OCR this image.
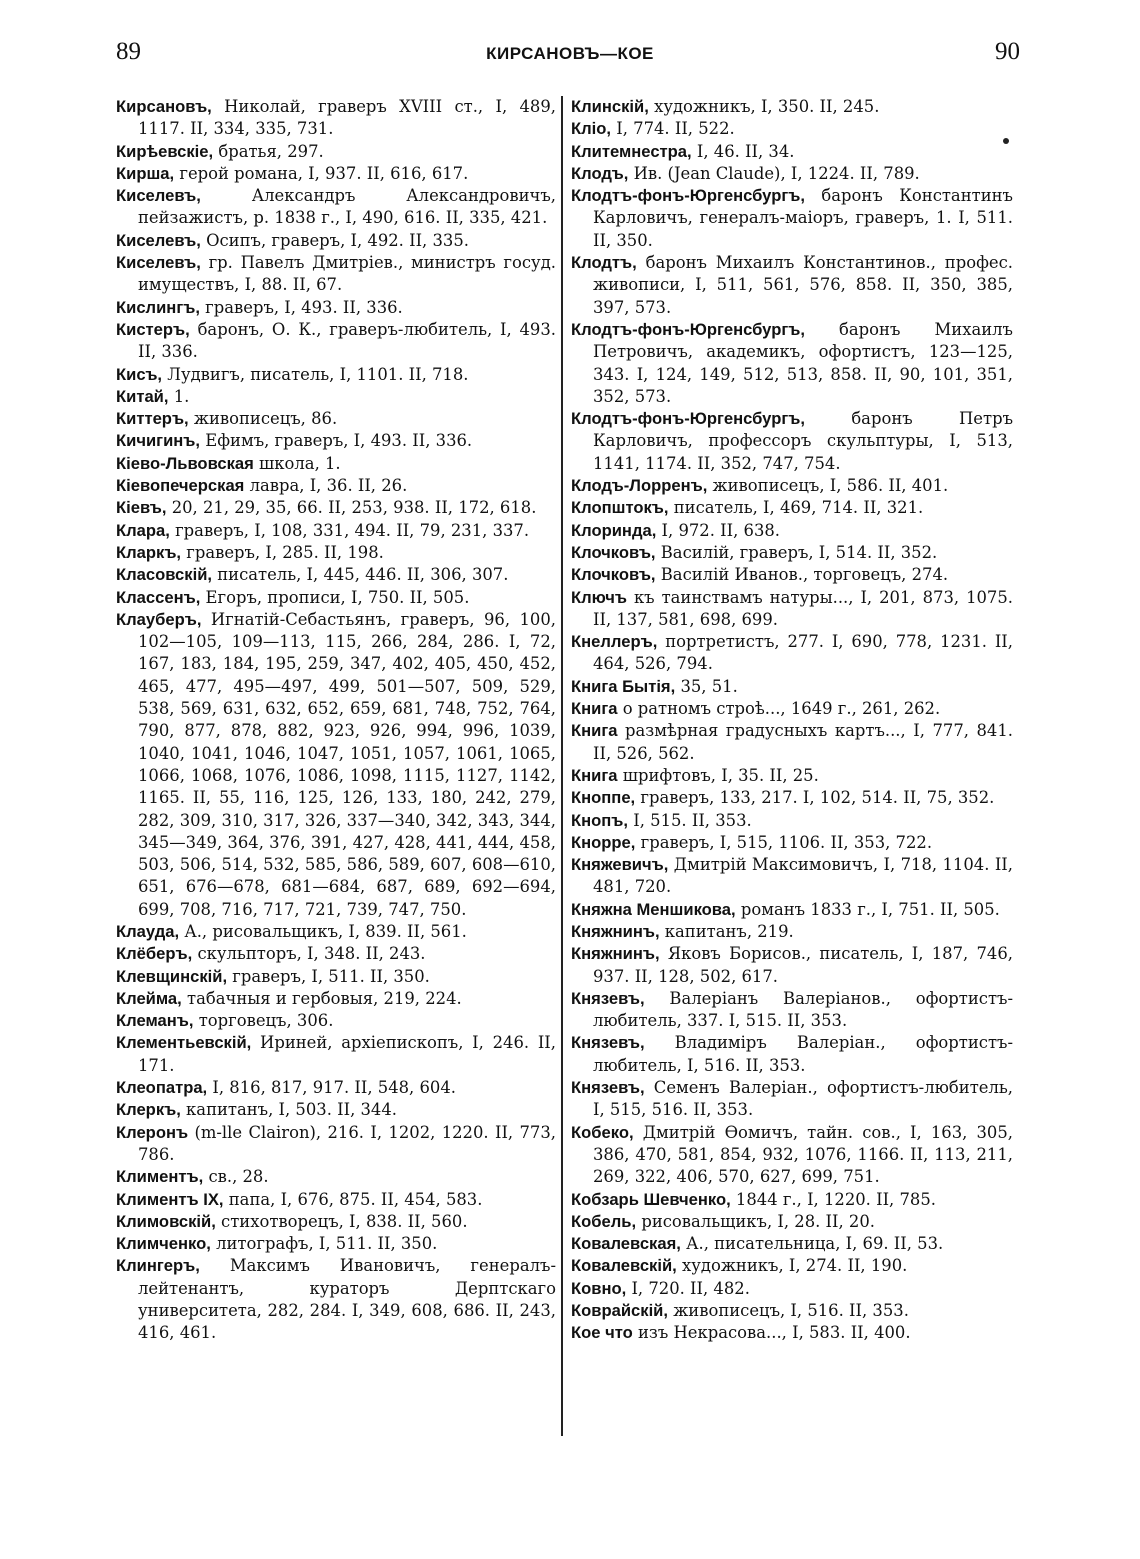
89	КИРСАНОВЪ—КОЕ	90

Кирсановъ, Николай, граверъ XVIII ст., I, 489, 1117. II, 334, 335, 731.

Кирѣевскіе, братья, 297.

Кирша, герой романа, I, 937. II, 616, 617.

Киселевъ,	Александръ Александровичъ, пейзажистъ, р. 1838 г., I, 490, 616. II, 335, 421.

Киселевъ, Осипъ, граверъ, I, 492. II, 335.

Киселевъ, гр. Павелъ Дмитріев., министръ госуд. имуществъ, I, 88. II, 67.

Кислингъ, граверъ, I, 493. II, 336.

Кистеръ, баронъ, О. К., граверъ-любитель, I, 493. II, 336.

Кисъ, Лудвигъ, писатель, I, 1101. II, 718.

Китай, 1.

Киттеръ, живописецъ, 86.

Кичигинъ, Ефимъ, граверъ, I, 493. II, 336.

Кіево-Львовская школа, 1.

Кіевопечерская лавра, I, 36. II, 26.

Кіевъ, 20, 21, 29, 35, 66. II, 253, 938. II, 172, 618.

Клара, граверъ, I, 108, 331, 494. II, 79, 231, 337.

Кларкъ, граверъ, I, 285. II, 198.

Класовскій, писатель, I, 445, 446. II, 306, 307.

Классенъ, Егоръ, прописи, I, 750. II, 505.

Клауберъ, Игнатій-Себастьянъ, граверъ, 96, 100, 102—105, 109—113, 115, 266, 284, 286. I, 72, 167, 183, 184, 195, 259, 347, 402, 405, 450, 452, 465, 477, 495—497, 499, 501—507, 509, 529, 538, 569, 631, 632, 652, 659, 681, 748, 752, 764, 790, 877, 878, 882, 923, 926, 994, 996, 1039, 1040, 1041, 1046, 1047, 1051, 1057, 1061, 1065, 1066, 1068, 1076, 1086, 1098, 1115, 1127, 1142, 1165. II, 55, 116, 125, 126, 133, 180, 242, 279, 282, 309, 310, 317, 326, 337—340, 342, 343, 344, 345—349, 364, 376, 391, 427, 428, 441, 444, 458, 503, 506, 514, 532, 585, 586, 589, 607, 608—610, 651, 676—678, 681—684, 687, 689, 692—694, 699, 708, 716, 717, 721, 739, 747, 750.

Клауда, А., рисовальщикъ, I, 839. II, 561.

Клёберъ, скульпторъ, I, 348. II, 243.

Клевщинскій, граверъ, I, 511. II, 350.

Клейма, табачныя и гербовыя, 219, 224.

Клеманъ, торговецъ, 306.

Клементьевскій, Ириней, архіепископъ, I, 246. II, 171.

Клеопатра, I, 816, 817, 917. II, 548, 604.

Клеркъ, капитанъ, I, 503. II, 344.

Клеронъ (m-lle Clairon), 216. I, 1202, 1220. II, 773, 786.

Климентъ, св., 28.

Климентъ IX, папа, I, 676, 875. II, 454, 583.

Климовскій, стихотворецъ, I, 838. II, 560.

Климченко, литографъ, I, 511. II, 350.

Клингеръ, Максимъ Ивановичъ, генералъ-лейтенантъ, кураторъ Дерптскаго университета, 282, 284. I, 349, 608, 686. II, 243, 416, 461.

Клинскій, художникъ, I, 350. II, 245.

Кліо, I, 774. II, 522.

Клитемнестра, I, 46. II, 34.

Клодъ, Ив. (Jean Claude), I, 1224. II, 789.

Клодтъ-фонъ-Юргенсбургъ, баронъ Константинъ Карловичъ, генералъ-маіоръ, граверъ, 1. I, 511. II, 350.

Клодтъ, баронъ Михаилъ Константинов., профес. живописи, I, 511, 561, 576, 858. II, 350, 385, 397, 573.

Клодтъ-фонъ-Юргенсбургъ, баронъ Михаилъ Петровичъ, академикъ, офортистъ, 123—125, 343. I, 124, 149, 512, 513, 858. II, 90, 101, 351, 352, 573.

Клодтъ-фонъ-Юргенсбургъ,	баронъ Петръ Карловичъ, профессоръ скульптуры, I, 513, 1141, 1174. II, 352, 747, 754.

Клодъ-Лорренъ, живописецъ, I, 586. II, 401.

Клопштокъ, писатель, I, 469, 714. II, 321.

Клоринда, I, 972. II, 638.

Клочковъ, Василій, граверъ, I, 514. II, 352.

Клочковъ, Василій Иванов., торговецъ, 274.

Ключъ къ таинствамъ натуры..., I, 201, 873, 1075. II, 137, 581, 698, 699.

Кнеллеръ, портретистъ, 277. I, 690, 778, 1231. II, 464, 526, 794.

Книга Бытія, 35, 51.

Книга о ратномъ строѣ..., 1649 г., 261, 262.

Книга размѣрная градусныхъ картъ..., I, 777, 841. II, 526, 562.

Книга шрифтовъ, I, 35. II, 25.

Кноппе, граверъ, 133, 217. I, 102, 514. II, 75, 352.

Кнопъ, I, 515. II, 353.

Кнорре, граверъ, I, 515, 1106. II, 353, 722.

Княжевичъ, Дмитрій Максимовичъ, I, 718, 1104. II, 481, 720.

Княжна Меншикова, романъ 1833 г., I, 751. II, 505.

Княжнинъ, капитанъ, 219.

Княжнинъ, Яковъ Борисов., писатель, I, 187, 746, 937. II, 128, 502, 617.

Князевъ, Валеріанъ Валеріанов., офортистъ-любитель, 337. I, 515. II, 353.

Князевъ, Владиміръ Валеріан., офортистъ-любитель, I, 516. II, 353.

Князевъ, Семенъ Валеріан., офортистъ-любитель, I, 515, 516. II, 353.

Кобеко, Дмитрій Ѳомичъ, тайн. сов., I, 163, 305, 386, 470, 581, 854, 932, 1076, 1166. II, 113, 211, 269, 322, 406, 570, 627, 699, 751.

Кобзарь Шевченко, 1844 г., I, 1220. II, 785.

Кобель, рисовальщикъ, I, 28. II, 20.

Ковалевская, А., писательница, I, 69. II, 53.

Ковалевскій, художникъ, I, 274. II, 190.

Ковно, I, 720. II, 482.

Коврайскій, живописецъ, I, 516. II, 353.

Кое что изъ Некрасова..., I, 583. II, 400.
